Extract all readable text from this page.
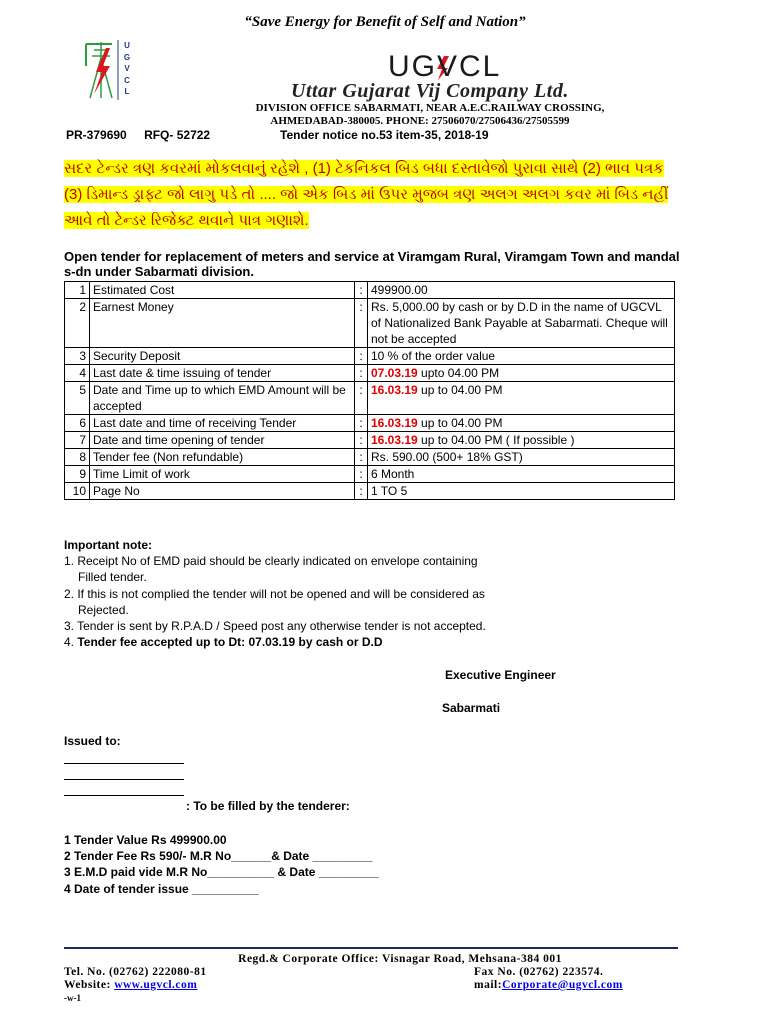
“Save Energy for Benefit of Self and Nation”
UGVCL
UGVCL
Uttar Gujarat Vij Company Ltd.
DIVISION OFFICE SABARMATI, NEAR A.E.C.RAILWAY CROSSING,
AHMEDABAD-380005. PHONE: 27506070/27506436/27505599
PR-379690 RFQ- 52722	Tender notice no.53 item-35, 2018-19
સદર ટેન્ડર ત્રણ કવરમાં મોકલવાનું રહેશે , (1) ટેકનિકલ બિડ બધા દસ્તાવેજો પુરાવા સાથે (2) ભાવ પત્રક (3) ડિમાન્ડ ડ્રાફ્ટ જો લાગુ પડે તો .... જો એક બિડ માં ઉપર મુજબ ત્રણ અલગ અલગ કવર માં બિડ નહીં આવે તો ટેન્ડર રિજેક્ટ થવાને પાત્ર ગણાશે.
Open tender for replacement of meters and service at Viramgam Rural, Viramgam Town and mandal s-dn under Sabarmati division.
1	Estimated Cost	:	499900.00
2	Earnest Money	:	Rs. 5,000.00 by cash or by D.D in the name of UGCVL of Nationalized Bank Payable at Sabarmati. Cheque will not be accepted
3	Security Deposit	:	10 % of the order value
4	Last date & time issuing of tender	:	07.03.19 upto 04.00 PM
5	Date and Time up to which EMD Amount will be accepted	:	16.03.19 up to 04.00 PM
6	Last date and time of receiving Tender	:	16.03.19 up to 04.00 PM
7	Date and time opening of tender	:	16.03.19 up to 04.00 PM ( If possible )
8	Tender fee (Non refundable)	:	Rs. 590.00 (500+ 18% GST)
9	Time Limit of work	:	6 Month
10	Page No	:	1 TO 5
Important note:
1. Receipt No of EMD paid should be clearly indicated on envelope containing
Filled tender.
2. If this is not complied the tender will not be opened and will be considered as
Rejected.
3. Tender is sent by R.P.A.D / Speed post any otherwise tender is not accepted.
4. Tender fee accepted up to Dt: 07.03.19 by cash or D.D
Executive Engineer
Sabarmati
Issued to:
: To be filled by the tenderer:
1 Tender Value Rs 499900.00
2 Tender Fee Rs 590/- M.R No______& Date _________
3 E.M.D paid vide M.R No__________ & Date _________
4 Date of tender issue __________
Regd.& Corporate Office: Visnagar Road, Mehsana-384 001
Tel. No. (02762) 222080-81	Fax No. (02762) 223574.
Website: www.ugvcl.com	mail:Corporate@ugvcl.com
-w-1
